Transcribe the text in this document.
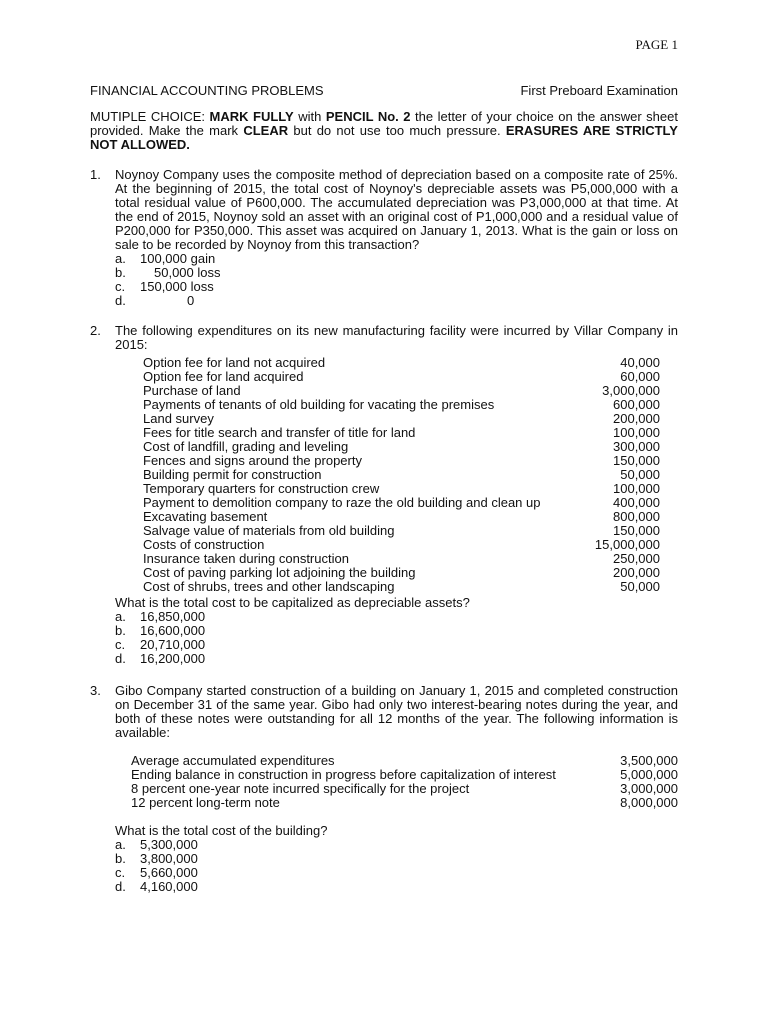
PAGE 1
FINANCIAL ACCOUNTING PROBLEMS	First Preboard Examination
MUTIPLE CHOICE: MARK FULLY with PENCIL No. 2 the letter of your choice on the answer sheet provided. Make the mark CLEAR but do not use too much pressure. ERASURES ARE STRICTLY NOT ALLOWED.
1.	Noynoy Company uses the composite method of depreciation based on a composite rate of 25%. At the beginning of 2015, the total cost of Noynoy's depreciable assets was P5,000,000 with a total residual value of P600,000. The accumulated depreciation was P3,000,000 at that time. At the end of 2015, Noynoy sold an asset with an original cost of P1,000,000 and a residual value of P200,000 for P350,000. This asset was acquired on January 1, 2013. What is the gain or loss on sale to be recorded by Noynoy from this transaction?
a.	100,000 gain
b.	50,000 loss
c.	150,000 loss
d.	0
2.	The following expenditures on its new manufacturing facility were incurred by Villar Company in 2015:
Option fee for land not acquired	40,000
Option fee for land acquired	60,000
Purchase of land	3,000,000
Payments of tenants of old building for vacating the premises	600,000
Land survey	200,000
Fees for title search and transfer of title for land	100,000
Cost of landfill, grading and leveling	300,000
Fences and signs around the property	150,000
Building permit for construction	50,000
Temporary quarters for construction crew	100,000
Payment to demolition company to raze the old building and clean up	400,000
Excavating basement	800,000
Salvage value of materials from old building	150,000
Costs of construction	15,000,000
Insurance taken during construction	250,000
Cost of paving parking lot adjoining the building	200,000
Cost of shrubs, trees and other landscaping	50,000
What is the total cost to be capitalized as depreciable assets?
a.	16,850,000
b.	16,600,000
c.	20,710,000
d.	16,200,000
3.	Gibo Company started construction of a building on January 1, 2015 and completed construction on December 31 of the same year. Gibo had only two interest-bearing notes during the year, and both of these notes were outstanding for all 12 months of the year. The following information is available:
Average accumulated expenditures	3,500,000
Ending balance in construction in progress before capitalization of interest	5,000,000
8 percent one-year note incurred specifically for the project	3,000,000
12 percent long-term note	8,000,000
What is the total cost of the building?
a.	5,300,000
b.	3,800,000
c.	5,660,000
d.	4,160,000
